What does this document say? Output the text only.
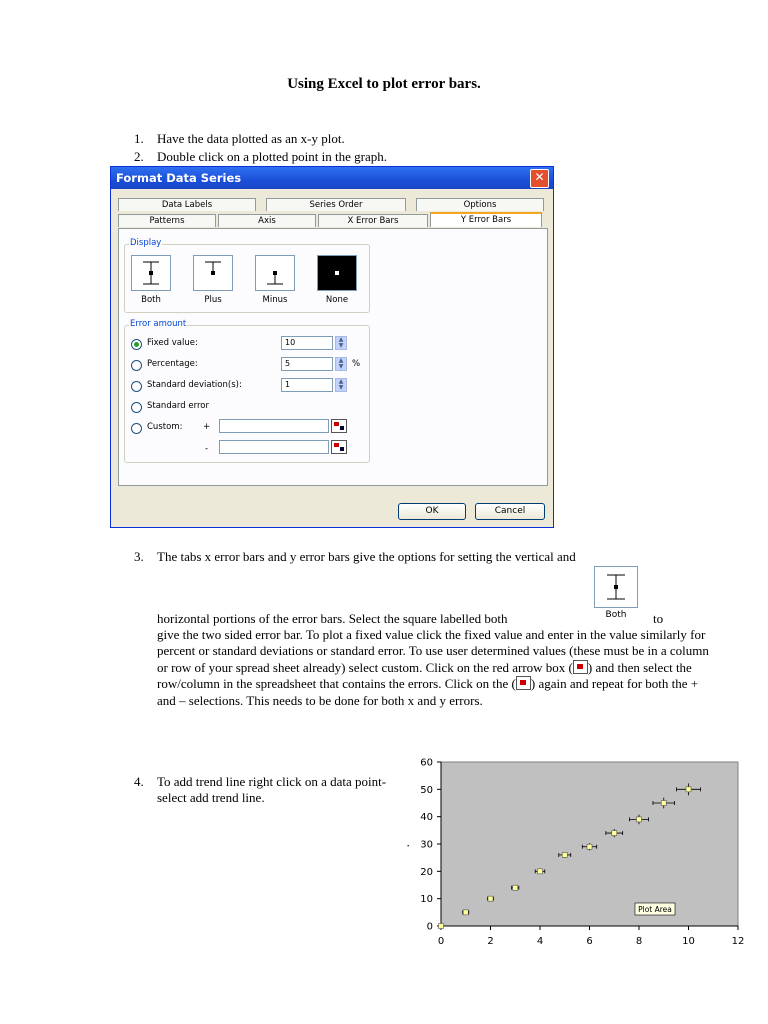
Using Excel to plot error bars.
1. Have the data plotted as an x-y plot.
2. Double click on a plotted point in the graph.
Format Data Series	✕
Data Labels	Series Order	Options
Patterns	Axis	X Error Bars	Y Error Bars
Display
Both	Plus	Minus	None
Error amount
Fixed value:	10	▲
▼
Percentage:	5	▲
▼	%
Standard deviation(s):	1	▲
▼
Standard error
Custom: +
-
OK	Cancel
3. The tabs x error bars and y error bars give the options for setting the vertical and
Both
horizontal portions of the error bars. Select the square labelled both	to
give the two sided error bar. To plot a fixed value click the fixed value and enter in the value similarly for percent or standard deviations or standard error. To use user determined values (these must be in a column or row of your spread sheet already) select custom. Click on the red arrow box ( ) and then select the row/column in the spreadsheet that contains the errors. Click on the ( ) again and repeat for both the + and – selections. This needs to be done for both x and y errors.
4. To add trend line right click on a data point- select add trend line.
·
0
10
20
30
40
50
60
0	2	4	6	8	10	12
Plot Area
